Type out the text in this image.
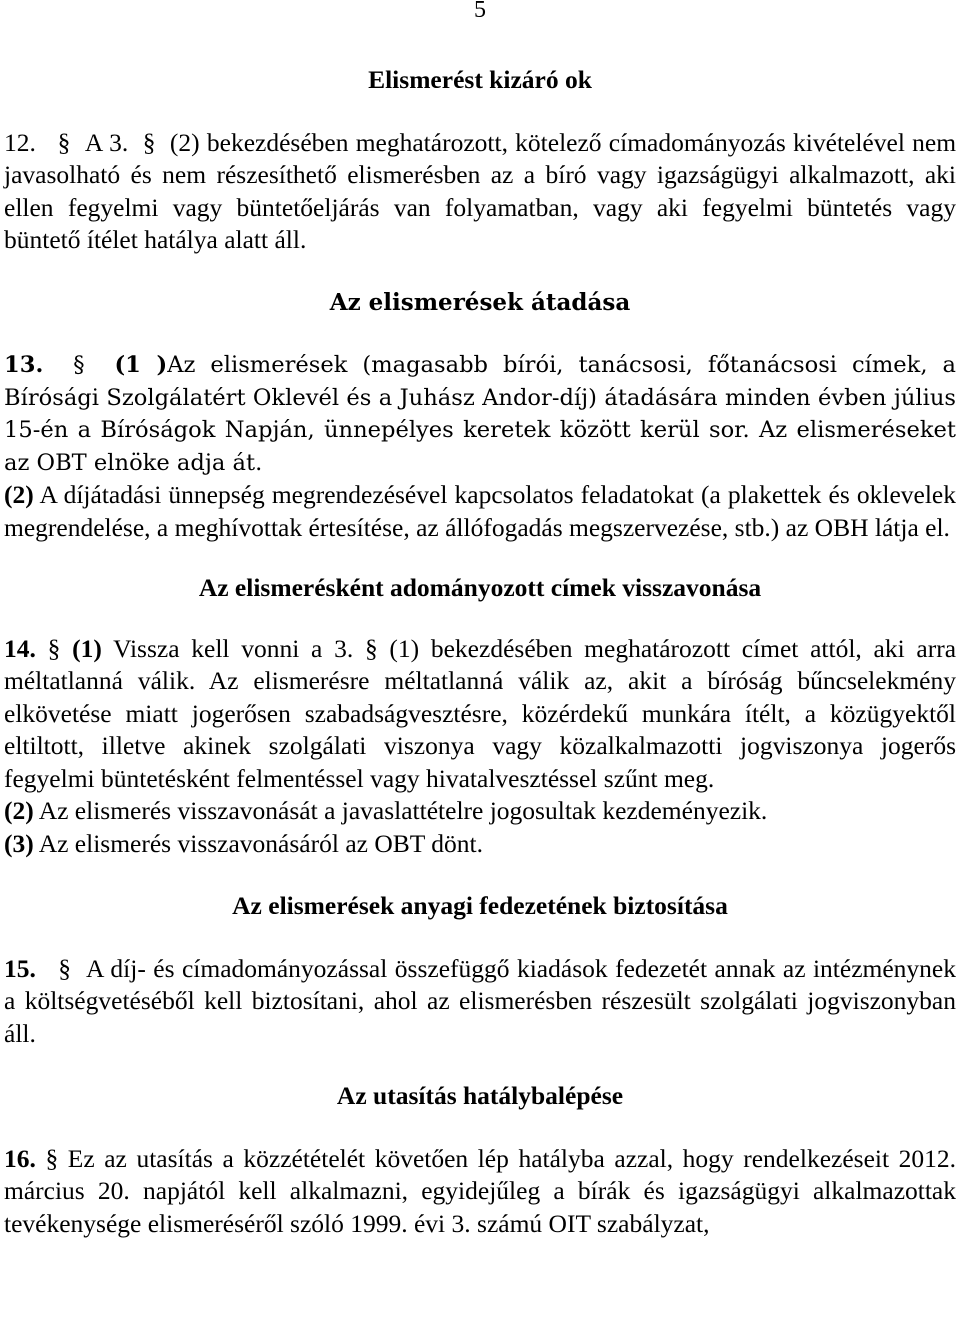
5
Elismerést kizáró ok

12. § A 3. § (2) bekezdésében meghatározott, kötelező címadományozás kivételével nem javasolható és nem részesíthető elismerésben az a bíró vagy igazságügyi alkalmazott, aki ellen fegyelmi vagy büntetőeljárás van folyamatban, vagy aki fegyelmi büntetés vagy büntető ítélet hatálya alatt áll.

Az elismerések átadása

13. § (1 )Az elismerések (magasabb bírói, tanácsosi, főtanácsosi címek, a Bírósági Szolgálatért Oklevél és a Juhász Andor-díj) átadására minden évben július 15-én a Bíróságok Napján, ünnepélyes keretek között kerül sor. Az elismeréseket az OBT elnöke adja át.

(2) A díjátadási ünnepség megrendezésével kapcsolatos feladatokat (a plakettek és oklevelek megrendelése, a meghívottak értesítése, az állófogadás megszervezése, stb.) az OBH látja el.

Az elismerésként adományozott címek visszavonása

14. § (1) Vissza kell vonni a 3. § (1) bekezdésében meghatározott címet attól, aki arra méltatlanná válik. Az elismerésre méltatlanná válik az, akit a bíróság bűncselekmény elkövetése miatt jogerősen szabadságvesztésre, közérdekű munkára ítélt, a közügyektől eltiltott, illetve akinek szolgálati viszonya vagy közalkalmazotti jogviszonya jogerős fegyelmi büntetésként felmentéssel vagy hivatalvesztéssel szűnt meg.

(2) Az elismerés visszavonását a javaslattételre jogosultak kezdeményezik.

(3) Az elismerés visszavonásáról az OBT dönt.

Az elismerések anyagi fedezetének biztosítása

15. § A díj- és címadományozással összefüggő kiadások fedezetét annak az intézménynek a költségvetéséből kell biztosítani, ahol az elismerésben részesült szolgálati jogviszonyban áll.

Az utasítás hatálybalépése

16. § Ez az utasítás a közzétételét követően lép hatályba azzal, hogy rendelkezéseit 2012. március 20. napjától kell alkalmazni, egyidejűleg a bírák és igazságügyi alkalmazottak tevékenysége elismeréséről szóló 1999. évi 3. számú OIT szabályzat,
